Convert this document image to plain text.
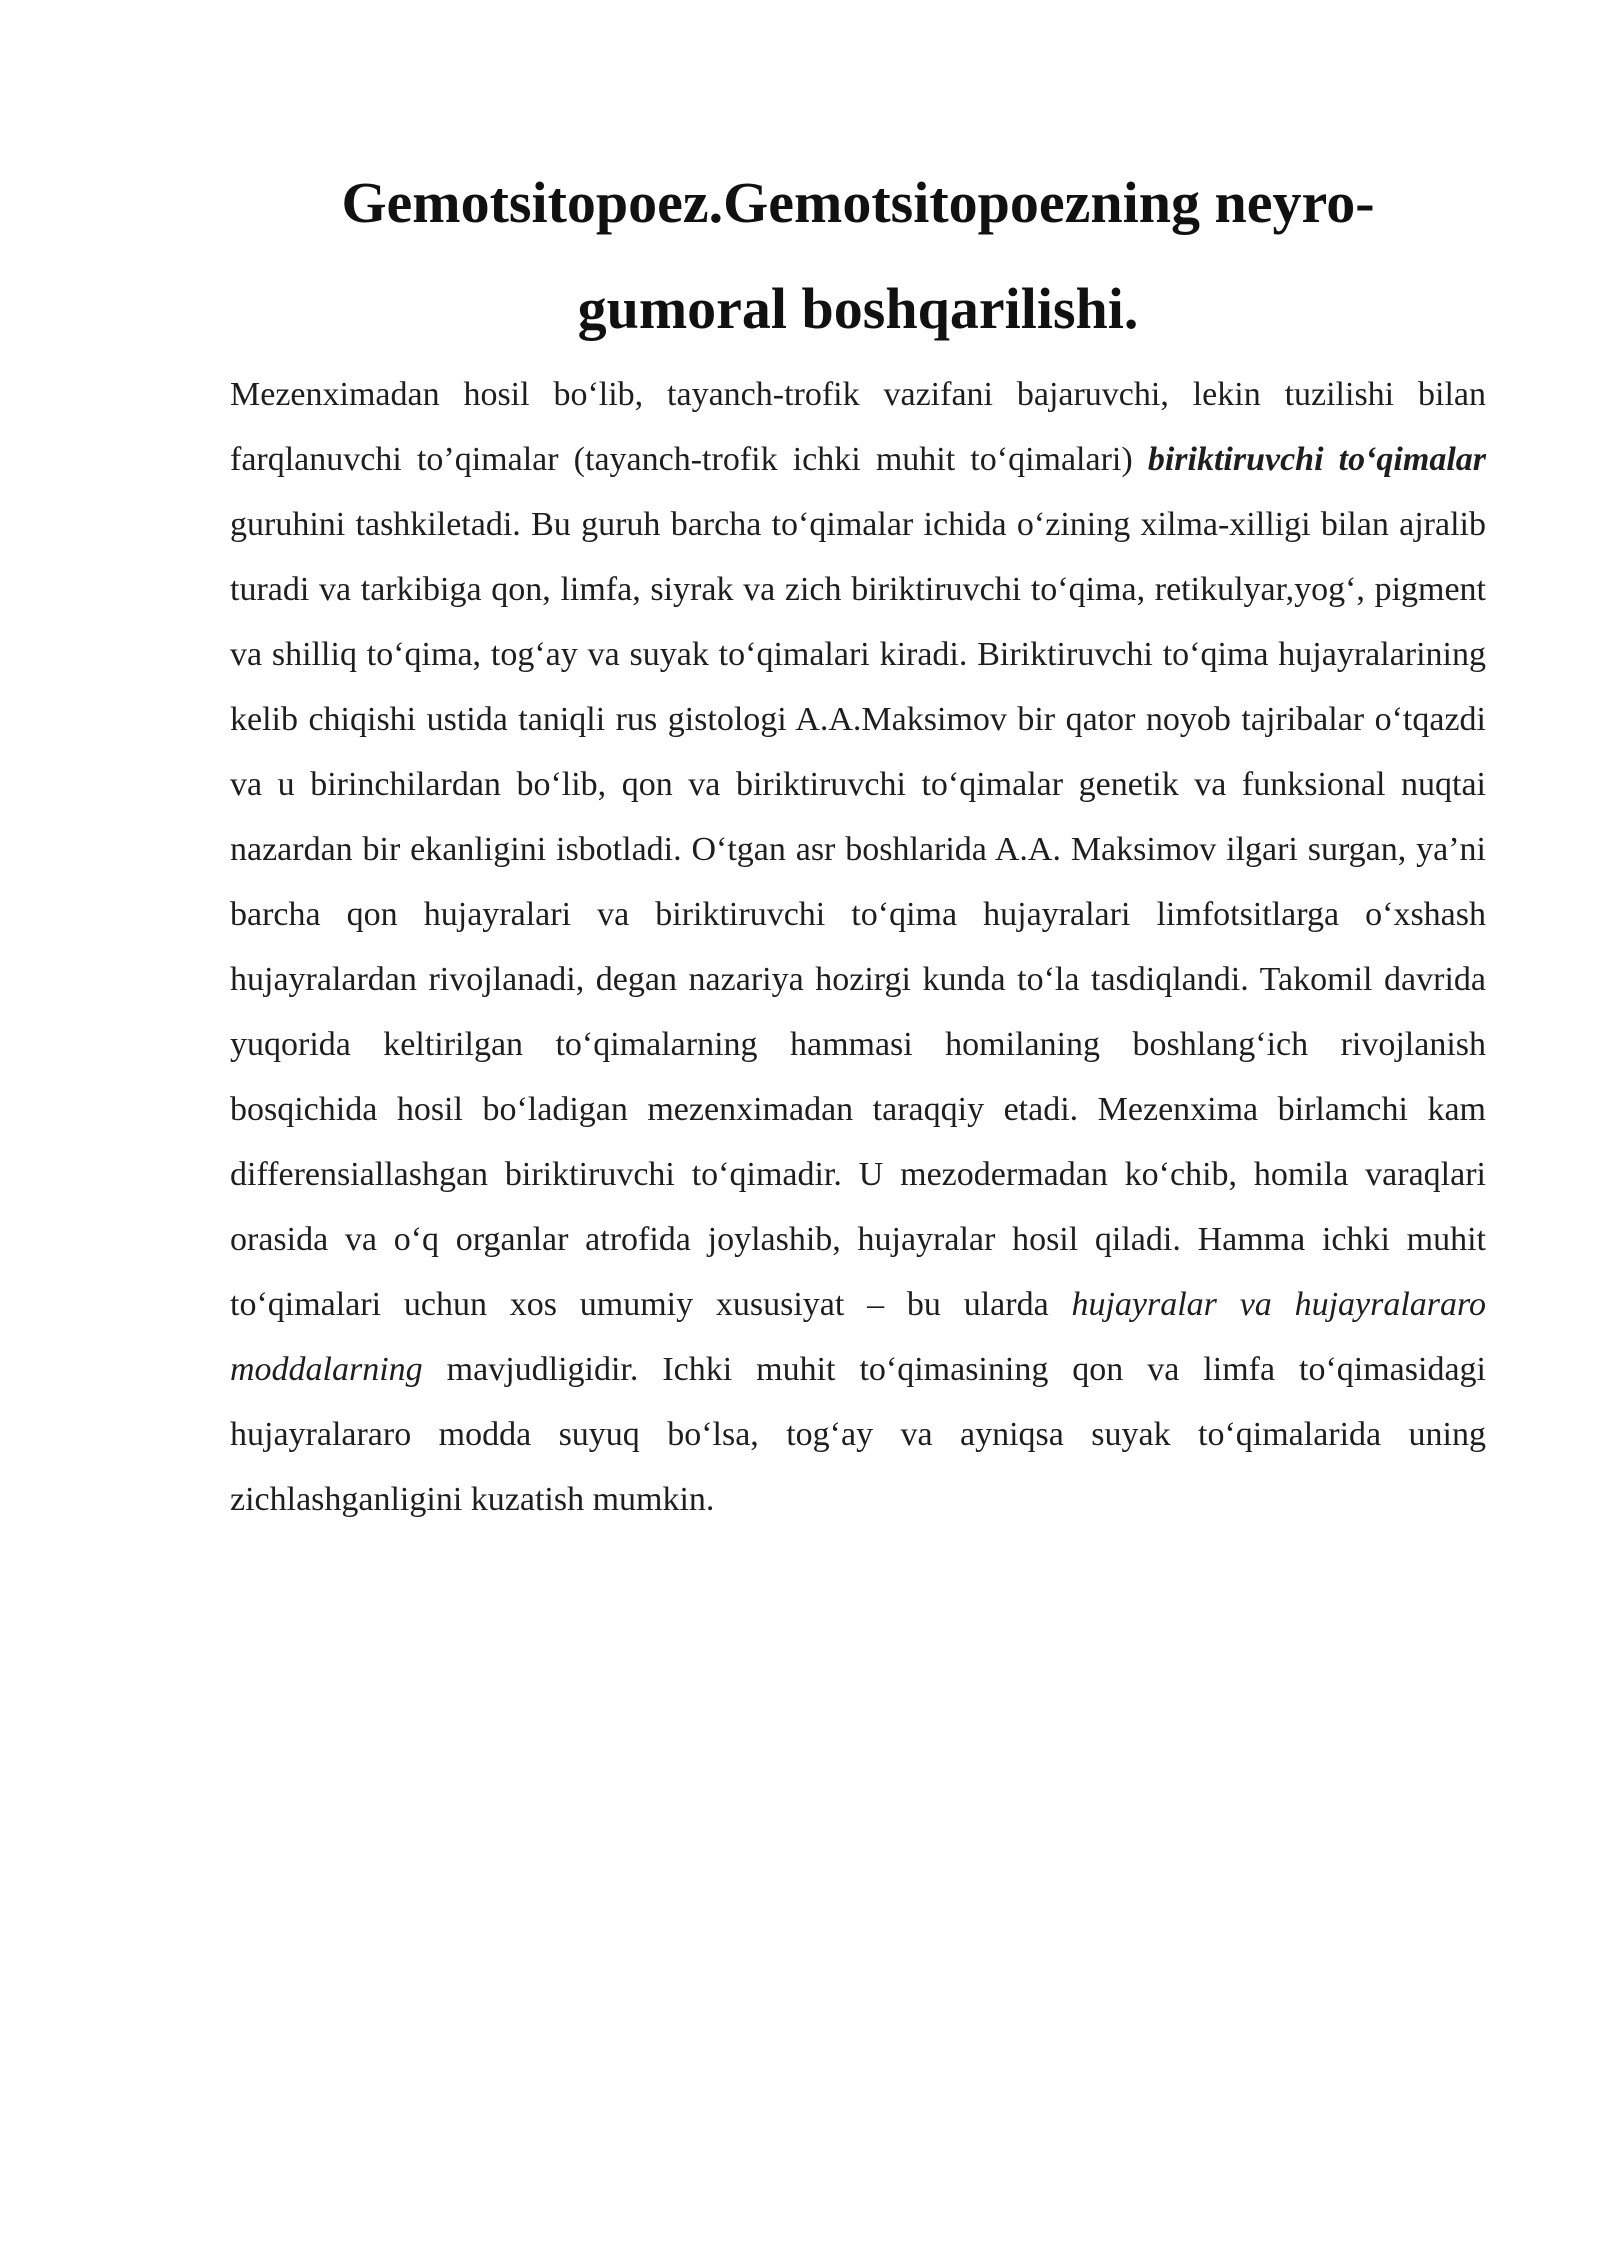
Gemotsitopoez.Gemotsitopoezning neyro-
gumoral boshqarilishi.

Mezenximadan hosil bo‘lib, tayanch-trofik vazifani bajaruvchi, lekin tuzilishi bilan farqlanuvchi to’qimalar (tayanch-trofik ichki muhit to‘qimalari) biriktiruvchi to‘qimalar guruhini tashkiletadi. Bu guruh barcha to‘qimalar ichida o‘zining xilma-xilligi bilan ajralib turadi va tarkibiga qon, limfa, siyrak va zich biriktiruvchi to‘qima, retikulyar,yog‘, pigment va shilliq to‘qima, tog‘ay va suyak to‘qimalari kiradi. Biriktiruvchi to‘qima hujayralarining kelib chiqishi ustida taniqli rus gistologi A.A.Maksimov bir qator noyob tajribalar o‘tqazdi va u birinchilardan bo‘lib, qon va biriktiruvchi to‘qimalar genetik va funksional nuqtai nazardan bir ekanligini isbotladi. O‘tgan asr boshlarida A.A. Maksimov ilgari surgan, ya’ni barcha qon hujayralari va biriktiruvchi to‘qima hujayralari limfotsitlarga o‘xshash hujayralardan rivojlanadi, degan nazariya hozirgi kunda to‘la tasdiqlandi. Takomil davrida yuqorida keltirilgan to‘qimalarning hammasi homilaning boshlang‘ich rivojlanish bosqichida hosil bo‘ladigan mezenximadan taraqqiy etadi. Mezenxima birlamchi kam differensiallashgan biriktiruvchi to‘qimadir. U mezodermadan ko‘chib, homila varaqlari orasida va o‘q organlar atrofida joylashib, hujayralar hosil qiladi. Hamma ichki muhit to‘qimalari uchun xos umumiy xususiyat – bu ularda hujayralar va hujayralararo moddalarning mavjudligidir. Ichki muhit to‘qimasining qon va limfa to‘qimasidagi hujayralararo modda suyuq bo‘lsa, tog‘ay va ayniqsa suyak to‘qimalarida uning zichlashganligini kuzatish mumkin.
